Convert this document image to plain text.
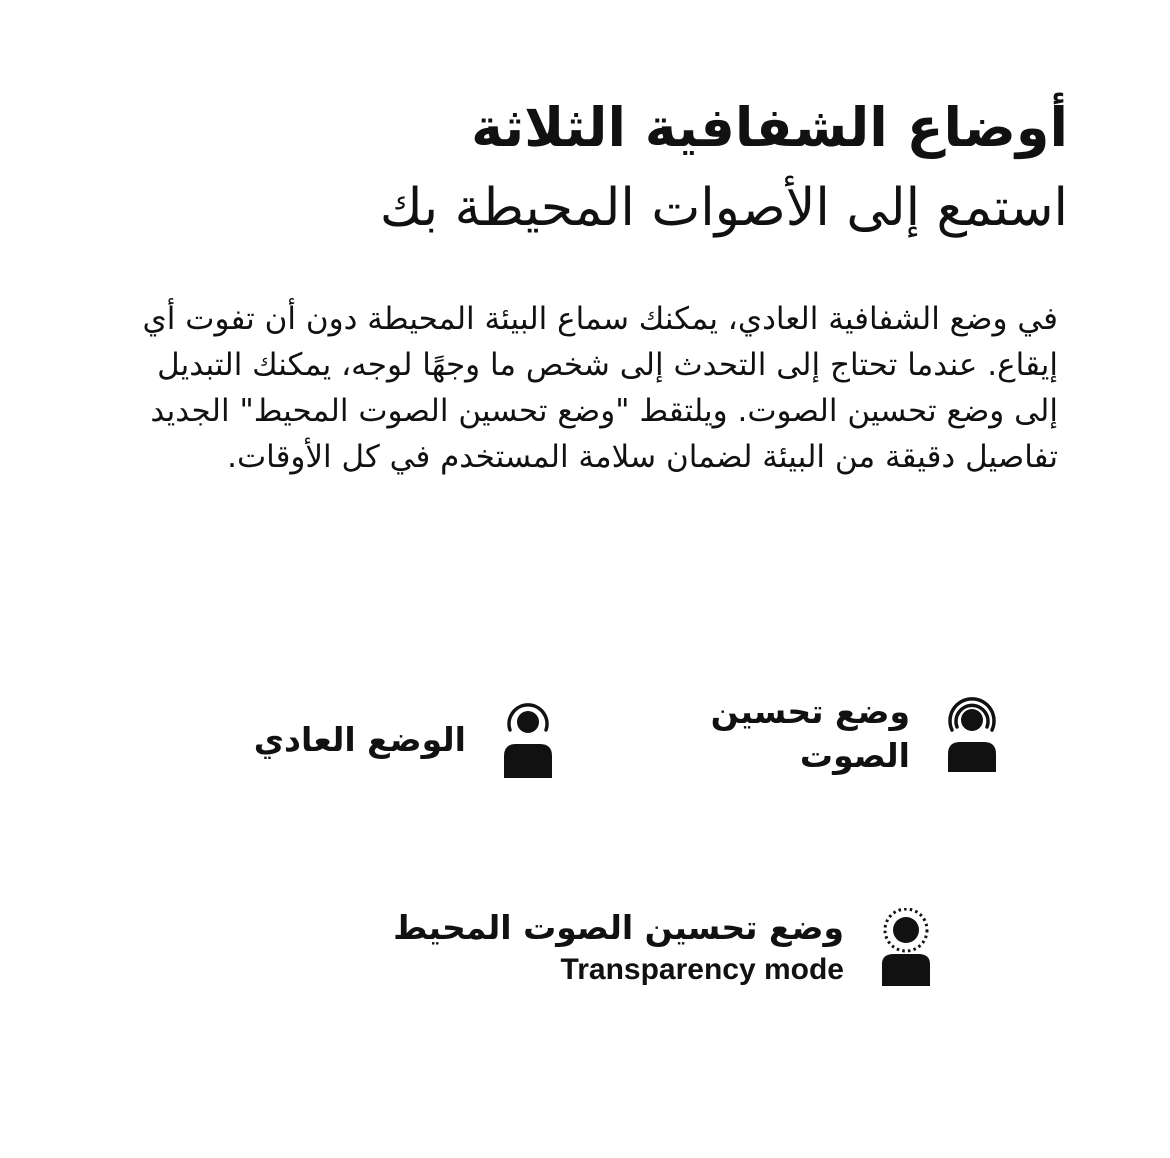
أوضاع الشفافية الثلاثة
استمع إلى الأصوات المحيطة بك

في وضع الشفافية العادي، يمكنك سماع البيئة المحيطة دون أن تفوت أي إيقاع. عندما تحتاج إلى التحدث إلى شخص ما وجهًا لوجه، يمكنك التبديل إلى وضع تحسين الصوت. ويلتقط "وضع تحسين الصوت المحيط" الجديد تفاصيل دقيقة من البيئة لضمان سلامة المستخدم في كل الأوقات.

وضع تحسين
الصوت
الوضع العادي
وضع تحسين الصوت المحيط
Transparency mode
